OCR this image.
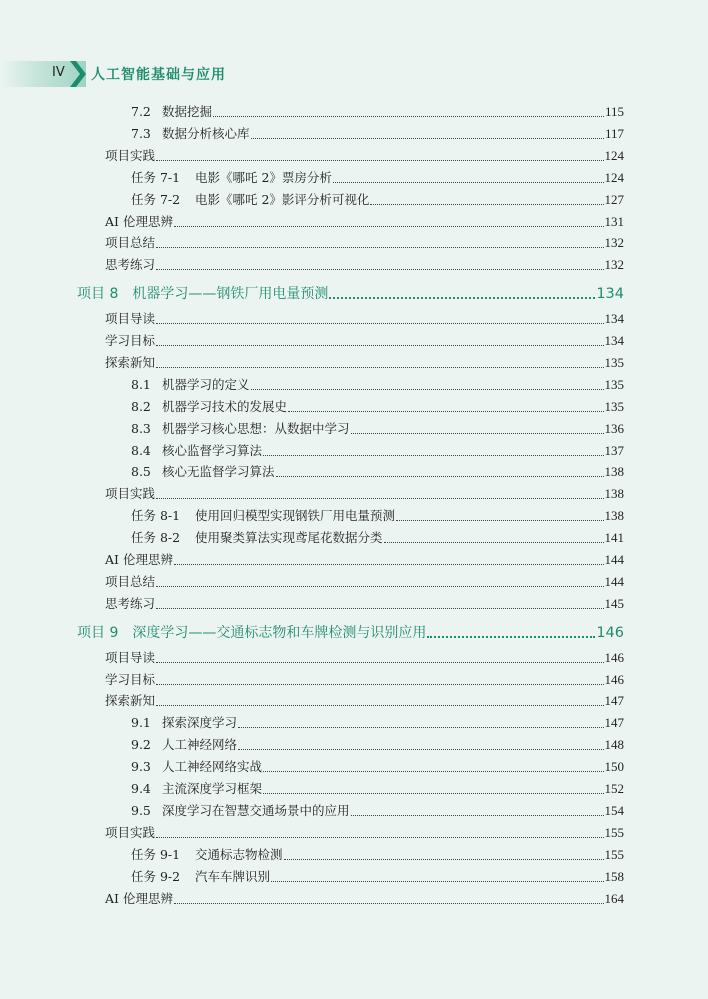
IV 人工智能基础与应用
7.2 数据挖掘	115
7.3 数据分析核心库	117
项目实践	124
任务 7-1	电影《哪吒 2》票房分析	124
任务 7-2	电影《哪吒 2》影评分析可视化	127
AI 伦理思辨	131
项目总结	132
思考练习	132
项目 8 机器学习——钢铁厂用电量预测	134
项目导读	134
学习目标	134
探索新知	135
8.1 机器学习的定义	135
8.2 机器学习技术的发展史	135
8.3 机器学习核心思想：从数据中学习	136
8.4 核心监督学习算法	137
8.5 核心无监督学习算法	138
项目实践	138
任务 8-1	使用回归模型实现钢铁厂用电量预测	138
任务 8-2	使用聚类算法实现鸢尾花数据分类	141
AI 伦理思辨	144
项目总结	144
思考练习	145
项目 9 深度学习——交通标志物和车牌检测与识别应用	146
项目导读	146
学习目标	146
探索新知	147
9.1 探索深度学习	147
9.2 人工神经网络	148
9.3 人工神经网络实战	150
9.4 主流深度学习框架	152
9.5 深度学习在智慧交通场景中的应用	154
项目实践	155
任务 9-1	交通标志物检测	155
任务 9-2	汽车车牌识别	158
AI 伦理思辨	164
